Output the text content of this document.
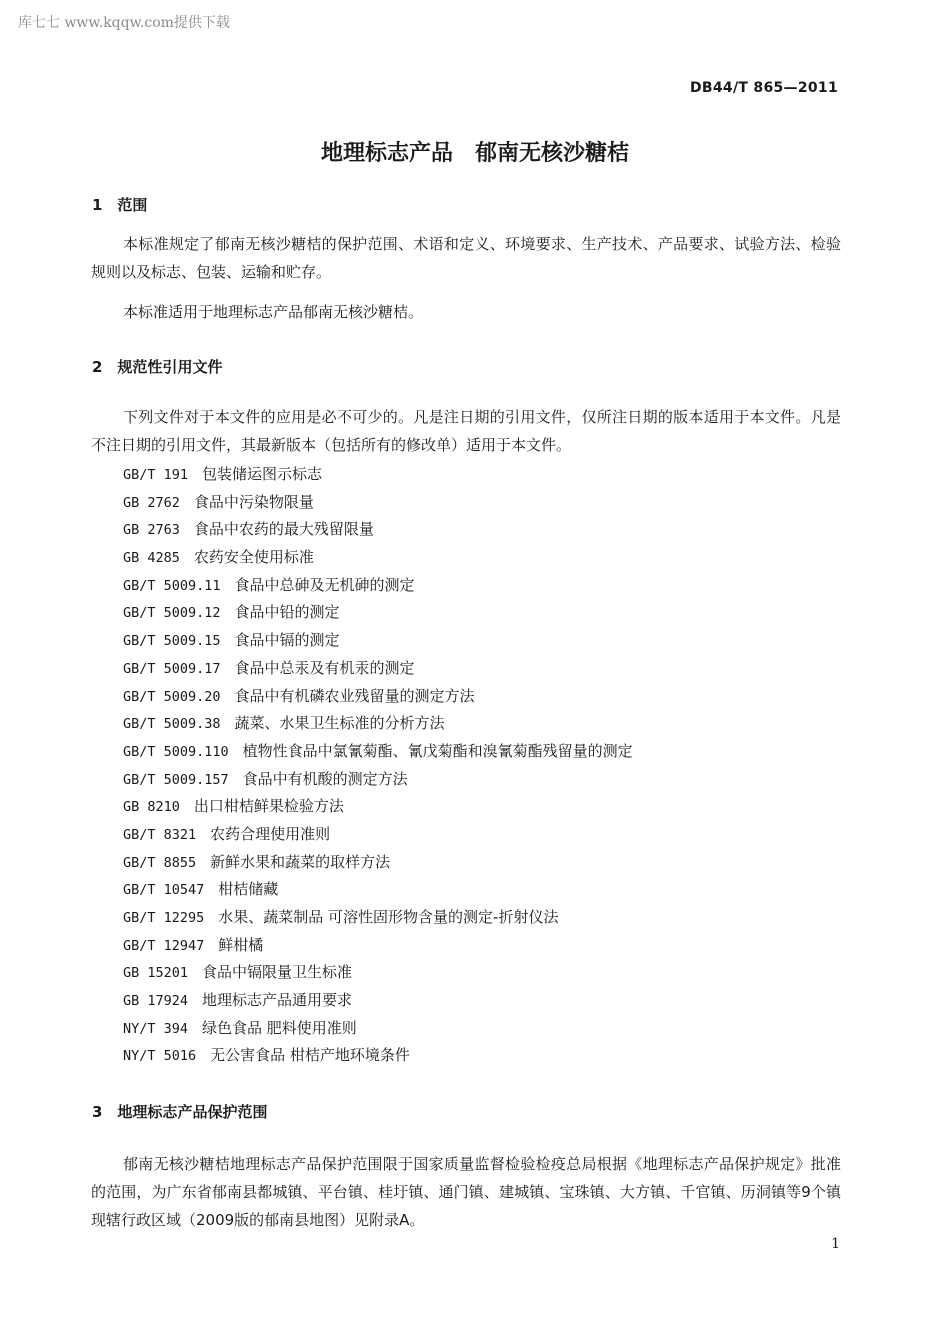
库七七 www.kqqw.com提供下载
DB44/T 865—2011
地理标志产品　郁南无核沙糖桔
1　范围

本标准规定了郁南无核沙糖桔的保护范围、术语和定义、环境要求、生产技术、产品要求、试验方法、检验规则以及标志、包装、运输和贮存。

本标准适用于地理标志产品郁南无核沙糖桔。

2　规范性引用文件

下列文件对于本文件的应用是必不可少的。凡是注日期的引用文件，仅所注日期的版本适用于本文件。凡是不注日期的引用文件，其最新版本（包括所有的修改单）适用于本文件。

GB/T 191 包装储运图示标志
GB 2762 食品中污染物限量
GB 2763 食品中农药的最大残留限量
GB 4285 农药安全使用标准
GB/T 5009.11 食品中总砷及无机砷的测定
GB/T 5009.12 食品中铅的测定
GB/T 5009.15 食品中镉的测定
GB/T 5009.17 食品中总汞及有机汞的测定
GB/T 5009.20 食品中有机磷农业残留量的测定方法
GB/T 5009.38 蔬菜、水果卫生标准的分析方法
GB/T 5009.110 植物性食品中氯氰菊酯、氰戊菊酯和溴氰菊酯残留量的测定
GB/T 5009.157 食品中有机酸的测定方法
GB 8210 出口柑桔鲜果检验方法
GB/T 8321 农药合理使用准则
GB/T 8855 新鲜水果和蔬菜的取样方法
GB/T 10547 柑桔储藏
GB/T 12295 水果、蔬菜制品 可溶性固形物含量的测定-折射仪法
GB/T 12947 鲜柑橘
GB 15201 食品中镉限量卫生标准
GB 17924 地理标志产品通用要求
NY/T 394 绿色食品 肥料使用准则
NY/T 5016 无公害食品 柑桔产地环境条件
3　地理标志产品保护范围

郁南无核沙糖桔地理标志产品保护范围限于国家质量监督检验检疫总局根据《地理标志产品保护规定》批准的范围，为广东省郁南县都城镇、平台镇、桂圩镇、通门镇、建城镇、宝珠镇、大方镇、千官镇、历洞镇等9个镇现辖行政区域（2009版的郁南县地图）见附录A。

1
